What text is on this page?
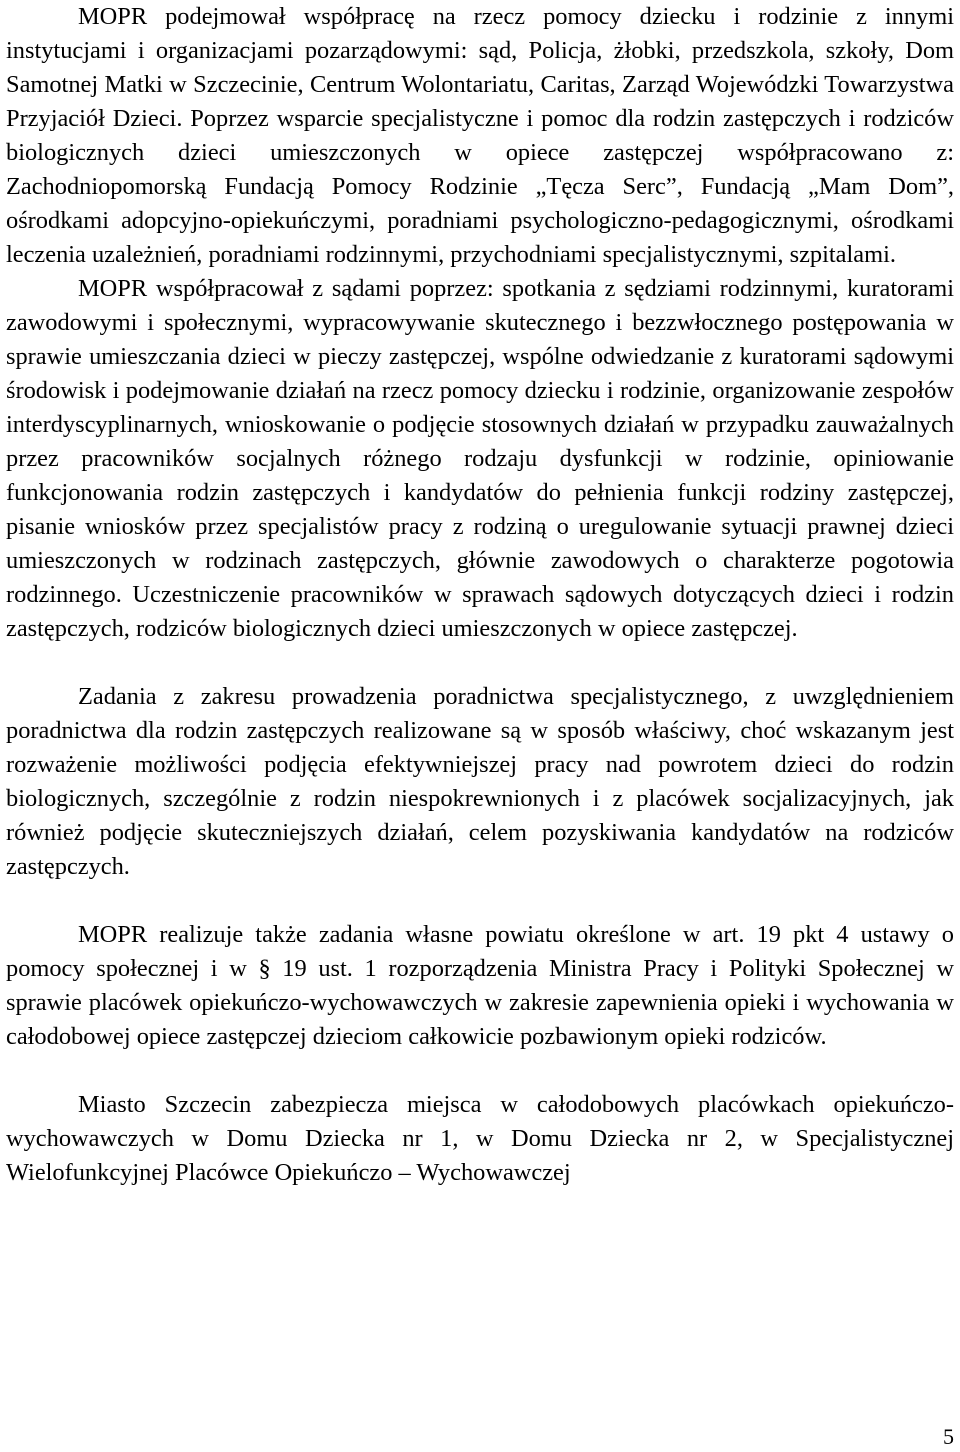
MOPR podejmował współpracę na rzecz pomocy dziecku i rodzinie z innymi instytucjami i organizacjami pozarządowymi: sąd, Policja, żłobki, przedszkola, szkoły, Dom Samotnej Matki w Szczecinie, Centrum Wolontariatu, Caritas, Zarząd Wojewódzki Towarzystwa Przyjaciół Dzieci. Poprzez wsparcie specjalistyczne i pomoc dla rodzin zastępczych i rodziców biologicznych dzieci umieszczonych w opiece zastępczej współpracowano z: Zachodniopomorską Fundacją Pomocy Rodzinie „Tęcza Serc”, Fundacją „Mam Dom”, ośrodkami adopcyjno-opiekuńczymi, poradniami psychologiczno-pedagogicznymi, ośrodkami leczenia uzależnień, poradniami rodzinnymi, przychodniami specjalistycznymi, szpitalami.

MOPR współpracował z sądami poprzez: spotkania z sędziami rodzinnymi, kuratorami zawodowymi i społecznymi, wypracowywanie skutecznego i bezzwłocznego postępowania w sprawie umieszczania dzieci w pieczy zastępczej, wspólne odwiedzanie z kuratorami sądowymi środowisk i podejmowanie działań na rzecz pomocy dziecku i rodzinie, organizowanie zespołów interdyscyplinarnych, wnioskowanie o podjęcie stosownych działań w przypadku zauważalnych przez pracowników socjalnych różnego rodzaju dysfunkcji w rodzinie, opiniowanie funkcjonowania rodzin zastępczych i kandydatów do pełnienia funkcji rodziny zastępczej, pisanie wniosków przez specjalistów pracy z rodziną o uregulowanie sytuacji prawnej dzieci umieszczonych w rodzinach zastępczych, głównie zawodowych o charakterze pogotowia rodzinnego. Uczestniczenie pracowników w sprawach sądowych dotyczących dzieci i rodzin zastępczych, rodziców biologicznych dzieci umieszczonych w opiece zastępczej.

Zadania z zakresu prowadzenia poradnictwa specjalistycznego, z uwzględnieniem poradnictwa dla rodzin zastępczych realizowane są w sposób właściwy, choć wskazanym jest rozważenie możliwości podjęcia efektywniejszej pracy nad powrotem dzieci do rodzin biologicznych, szczególnie z rodzin niespokrewnionych i z placówek socjalizacyjnych, jak również podjęcie skuteczniejszych działań, celem pozyskiwania kandydatów na rodziców zastępczych.

MOPR realizuje także zadania własne powiatu określone w art. 19 pkt 4 ustawy o pomocy społecznej i w § 19 ust. 1 rozporządzenia Ministra Pracy i Polityki Społecznej w sprawie placówek opiekuńczo-wychowawczych w zakresie zapewnienia opieki i wychowania w całodobowej opiece zastępczej dzieciom całkowicie pozbawionym opieki rodziców.

Miasto Szczecin zabezpiecza miejsca w całodobowych placówkach opiekuńczo-wychowawczych w Domu Dziecka nr 1, w Domu Dziecka nr 2, w Specjalistycznej Wielofunkcyjnej Placówce Opiekuńczo – Wychowawczej

5
